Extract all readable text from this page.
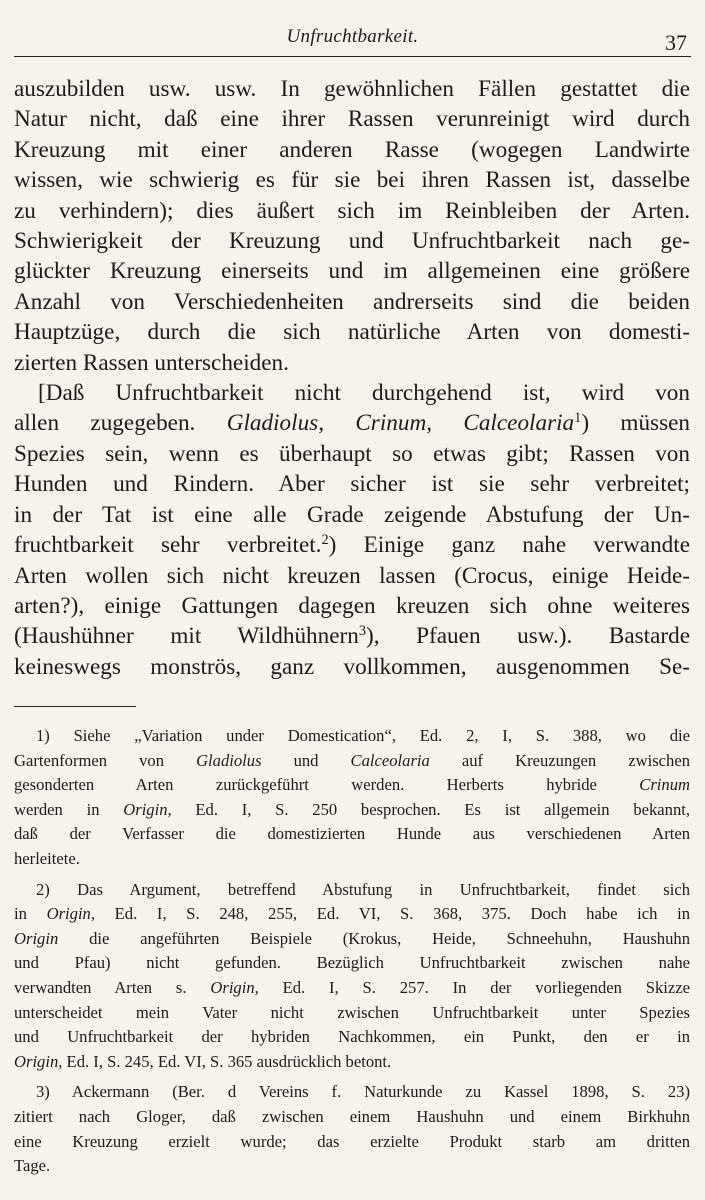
Unfruchtbarkeit.	37

auszubilden usw. usw. In gewöhnlichen Fällen gestattet die
Natur nicht, daß eine ihrer Rassen verunreinigt wird durch
Kreuzung mit einer anderen Rasse (wogegen Landwirte
wissen, wie schwierig es für sie bei ihren Rassen ist, dasselbe
zu verhindern); dies äußert sich im Reinbleiben der Arten.
Schwierigkeit der Kreuzung und Unfruchtbarkeit nach ge-
glückter Kreuzung einerseits und im allgemeinen eine größere
Anzahl von Verschiedenheiten andrerseits sind die beiden
Hauptzüge, durch die sich natürliche Arten von domesti-
zierten Rassen unterscheiden.

[Daß Unfruchtbarkeit nicht durchgehend ist, wird von
allen zugegeben. Gladiolus, Crinum, Calceolaria$^1$) müssen
Spezies sein, wenn es überhaupt so etwas gibt; Rassen von
Hunden und Rindern. Aber sicher ist sie sehr verbreitet;
in der Tat ist eine alle Grade zeigende Abstufung der Un-
fruchtbarkeit sehr verbreitet.$^2$) Einige ganz nahe verwandte
Arten wollen sich nicht kreuzen lassen (Crocus, einige Heide-
arten?), einige Gattungen dagegen kreuzen sich ohne weiteres
(Haushühner mit Wildhühnern$^3$), Pfauen usw.). Bastarde
keineswegs monströs, ganz vollkommen, ausgenommen Se-

1) Siehe „Variation under Domestication“, Ed. 2, I, S. 388, wo die
Gartenformen von Gladiolus und Calceolaria auf Kreuzungen zwischen
gesonderten Arten zurückgeführt werden. Herberts hybride Crinum
werden in Origin, Ed. I, S. 250 besprochen. Es ist allgemein bekannt,
daß der Verfasser die domestizierten Hunde aus verschiedenen Arten
herleitete.
2) Das Argument, betreffend Abstufung in Unfruchtbarkeit, findet sich
in Origin, Ed. I, S. 248, 255, Ed. VI, S. 368, 375. Doch habe ich in
Origin die angeführten Beispiele (Krokus, Heide, Schneehuhn, Haushuhn
und Pfau) nicht gefunden. Bezüglich Unfruchtbarkeit zwischen nahe
verwandten Arten s. Origin, Ed. I, S. 257. In der vorliegenden Skizze
unterscheidet mein Vater nicht zwischen Unfruchtbarkeit unter Spezies
und Unfruchtbarkeit der hybriden Nachkommen, ein Punkt, den er in
Origin, Ed. I, S. 245, Ed. VI, S. 365 ausdrücklich betont.
3) Ackermann (Ber. d Vereins f. Naturkunde zu Kassel 1898, S. 23)
zitiert nach Gloger, daß zwischen einem Haushuhn und einem Birkhuhn
eine Kreuzung erzielt wurde; das erzielte Produkt starb am dritten
Tage.
